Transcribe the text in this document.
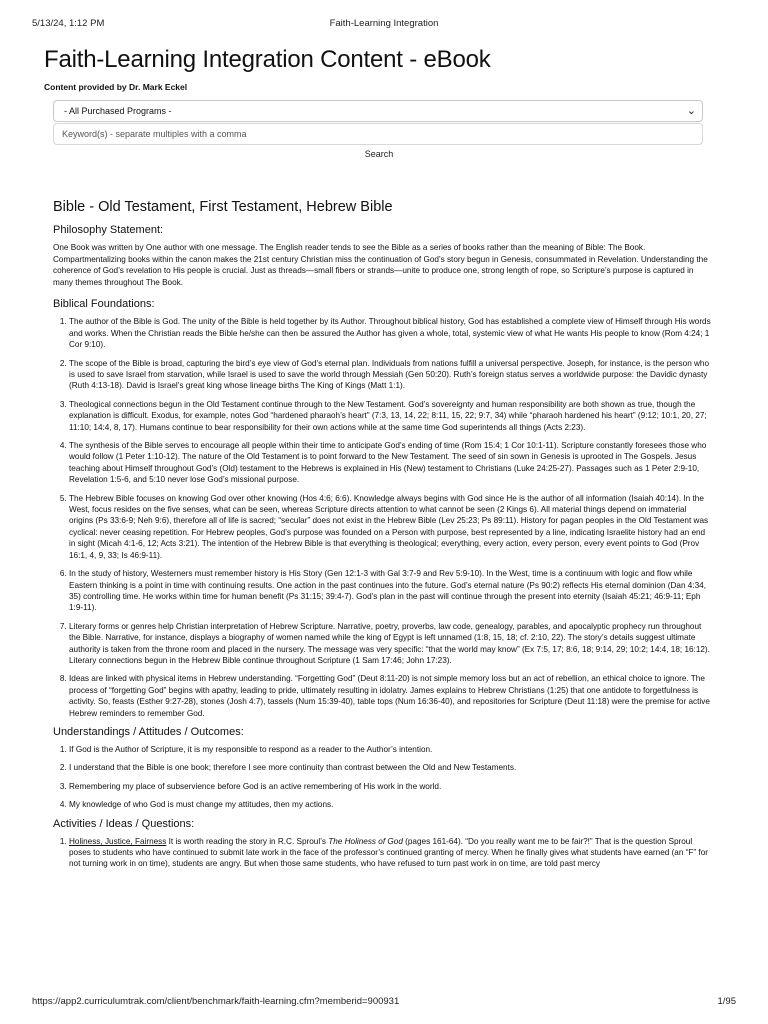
5/13/24, 1:12 PM	Faith-Learning Integration
Faith-Learning Integration Content - eBook
Content provided by Dr. Mark Eckel
- All Purchased Programs -	⌄
Keyword(s) - separate multiples with a comma
Search
Bible - Old Testament, First Testament, Hebrew Bible
Philosophy Statement:

One Book was written by One author with one message. The English reader tends to see the Bible as a series of books rather than the meaning of Bible: The Book. Compartmentalizing books within the canon makes the 21st century Christian miss the continuation of God’s story begun in Genesis, consummated in Revelation. Understanding the coherence of God’s revelation to His people is crucial. Just as threads—small fibers or strands—unite to produce one, strong length of rope, so Scripture’s purpose is captured in many themes throughout The Book.

Biblical Foundations:
1. The author of the Bible is God. The unity of the Bible is held together by its Author. Throughout biblical history, God has established a complete view of Himself through His words and works. When the Christian reads the Bible he/she can then be assured the Author has given a whole, total, systemic view of what He wants His people to know (Rom 4:24; 1 Cor 9:10).
2. The scope of the Bible is broad, capturing the bird’s eye view of God’s eternal plan. Individuals from nations fulfill a universal perspective. Joseph, for instance, is the person who is used to save Israel from starvation, while Israel is used to save the world through Messiah (Gen 50:20). Ruth’s foreign status serves a worldwide purpose: the Davidic dynasty (Ruth 4:13-18). David is Israel’s great king whose lineage births The King of Kings (Matt 1:1).
3. Theological connections begun in the Old Testament continue through to the New Testament. God’s sovereignty and human responsibility are both shown as true, though the explanation is difficult. Exodus, for example, notes God “hardened pharaoh’s heart” (7:3, 13, 14, 22; 8:11, 15, 22; 9:7, 34) while “pharaoh hardened his heart” (9:12; 10:1, 20, 27; 11:10; 14:4, 8, 17). Humans continue to bear responsibility for their own actions while at the same time God superintends all things (Acts 2:23).
4. The synthesis of the Bible serves to encourage all people within their time to anticipate God’s ending of time (Rom 15:4; 1 Cor 10:1-11). Scripture constantly foresees those who would follow (1 Peter 1:10-12). The nature of the Old Testament is to point forward to the New Testament. The seed of sin sown in Genesis is uprooted in The Gospels. Jesus teaching about Himself throughout God’s (Old) testament to the Hebrews is explained in His (New) testament to Christians (Luke 24:25-27). Passages such as 1 Peter 2:9-10, Revelation 1:5-6, and 5:10 never lose God’s missional purpose.
5. The Hebrew Bible focuses on knowing God over other knowing (Hos 4:6; 6:6). Knowledge always begins with God since He is the author of all information (Isaiah 40:14). In the West, focus resides on the five senses, what can be seen, whereas Scripture directs attention to what cannot be seen (2 Kings 6). All material things depend on immaterial origins (Ps 33:6-9; Neh 9:6), therefore all of life is sacred; “secular” does not exist in the Hebrew Bible (Lev 25:23; Ps 89:11). History for pagan peoples in the Old Testament was cyclical: never ceasing repetition. For Hebrew peoples, God’s purpose was founded on a Person with purpose, best represented by a line, indicating Israelite history had an end in sight (Micah 4:1-6, 12; Acts 3:21). The intention of the Hebrew Bible is that everything is theological; everything, every action, every person, every event points to God (Prov 16:1, 4, 9, 33; Is 46:9-11).
6. In the study of history, Westerners must remember history is His Story (Gen 12:1-3 with Gal 3:7-9 and Rev 5:9-10). In the West, time is a continuum with logic and flow while Eastern thinking is a point in time with continuing results. One action in the past continues into the future. God’s eternal nature (Ps 90:2) reflects His eternal dominion (Dan 4:34, 35) controlling time. He works within time for human benefit (Ps 31:15; 39:4-7). God’s plan in the past will continue through the present into eternity (Isaiah 45:21; 46:9-11; Eph 1:9-11).
7. Literary forms or genres help Christian interpretation of Hebrew Scripture. Narrative, poetry, proverbs, law code, genealogy, parables, and apocalyptic prophecy run throughout the Bible. Narrative, for instance, displays a biography of women named while the king of Egypt is left unnamed (1:8, 15, 18; cf. 2:10, 22). The story’s details suggest ultimate authority is taken from the throne room and placed in the nursery. The message was very specific: “that the world may know” (Ex 7:5, 17; 8:6, 18; 9:14, 29; 10:2; 14:4, 18; 16:12). Literary connections begun in the Hebrew Bible continue throughout Scripture (1 Sam 17:46; John 17:23).
8. Ideas are linked with physical items in Hebrew understanding. “Forgetting God” (Deut 8:11-20) is not simple memory loss but an act of rebellion, an ethical choice to ignore. The process of “forgetting God” begins with apathy, leading to pride, ultimately resulting in idolatry. James explains to Hebrew Christians (1:25) that one antidote to forgetfulness is activity. So, feasts (Esther 9:27-28), stones (Josh 4:7), tassels (Num 15:39-40), table tops (Num 16:36-40), and repositories for Scripture (Deut 11:18) were the premise for active Hebrew reminders to remember God.
Understandings / Attitudes / Outcomes:
1. If God is the Author of Scripture, it is my responsible to respond as a reader to the Author’s intention.
2. I understand that the Bible is one book; therefore I see more continuity than contrast between the Old and New Testaments.
3. Remembering my place of subservience before God is an active remembering of His work in the world.
4. My knowledge of who God is must change my attitudes, then my actions.
Activities / Ideas / Questions:
1. Holiness, Justice, Fairness It is worth reading the story in R.C. Sproul’s The Holiness of God (pages 161-64). “Do you really want me to be fair?!” That is the question Sproul poses to students who have continued to submit late work in the face of the professor’s continued granting of mercy. When he finally gives what students have earned (an “F” for not turning work in on time), students are angry. But when those same students, who have refused to turn past work in on time, are told past mercy
https://app2.curriculumtrak.com/client/benchmark/faith-learning.cfm?memberid=900931	1/95
